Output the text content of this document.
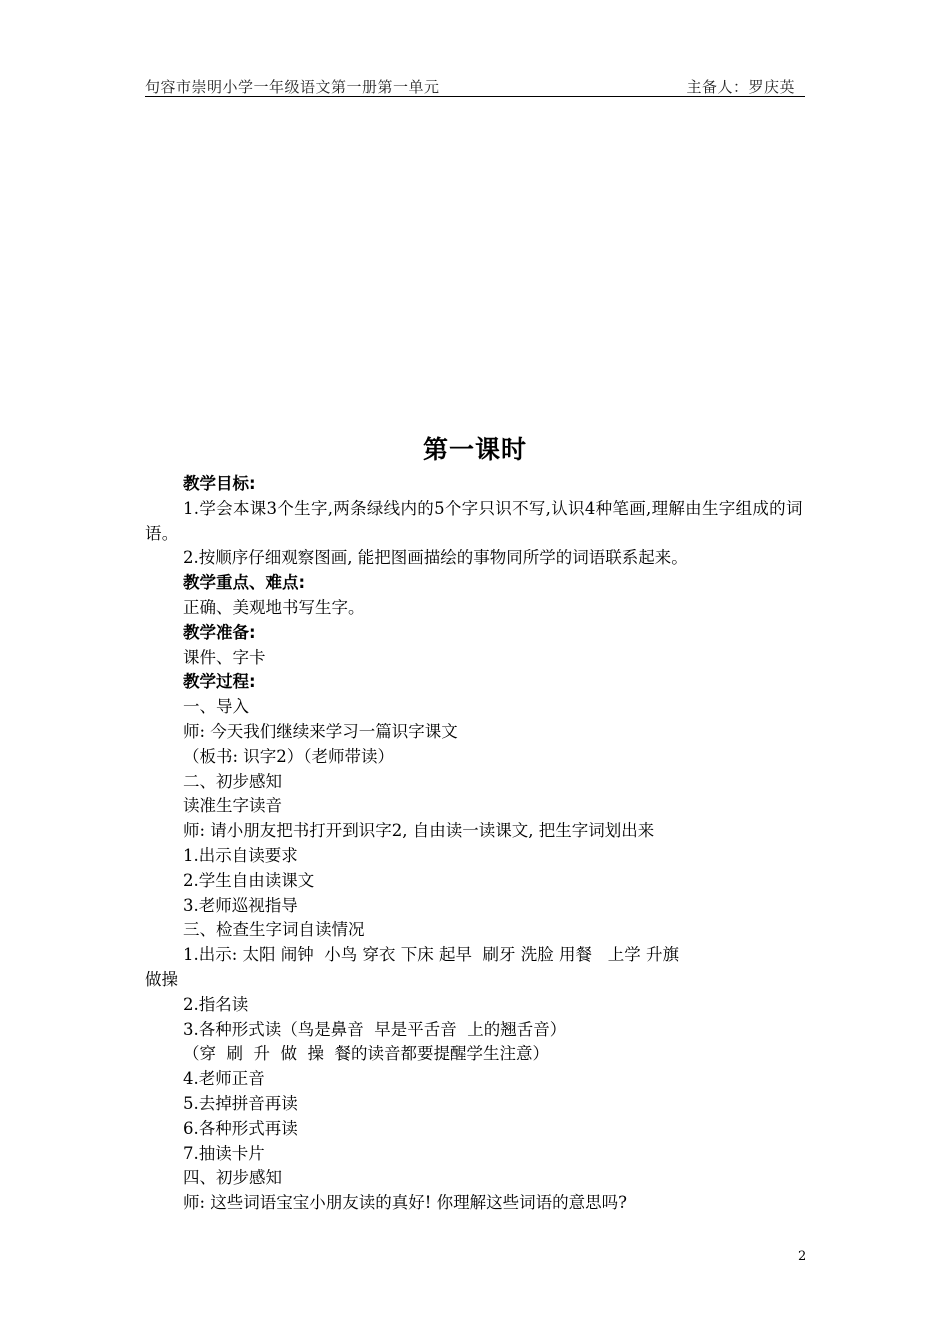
句容市崇明小学一年级语文第一册第一单元	主备人：罗庆英
第一课时
教学目标:
1.学会本课3个生字,两条绿线内的5个字只识不写,认识4种笔画,理解由生字组成的词语。
2.按顺序仔细观察图画, 能把图画描绘的事物同所学的词语联系起来。
教学重点、难点:
正确、美观地书写生字。
教学准备:
课件、字卡
教学过程:
一、导入
师: 今天我们继续来学习一篇识字课文
（板书: 识字2）（老师带读）
二、初步感知
读准生字读音
师: 请小朋友把书打开到识字2, 自由读一读课文, 把生字词划出来
1.出示自读要求
2.学生自由读课文
3.老师巡视指导
三、检查生字词自读情况
1.出示: 太阳 闹钟  小鸟 穿衣 下床 起早  刷牙 洗脸 用餐   上学 升旗
做操
2.指名读
3.各种形式读（鸟是鼻音  早是平舌音  上的翘舌音）
（穿  刷  升  做  操  餐的读音都要提醒学生注意）
4.老师正音
5.去掉拼音再读
6.各种形式再读
7.抽读卡片
四、初步感知
师: 这些词语宝宝小朋友读的真好! 你理解这些词语的意思吗?
2
